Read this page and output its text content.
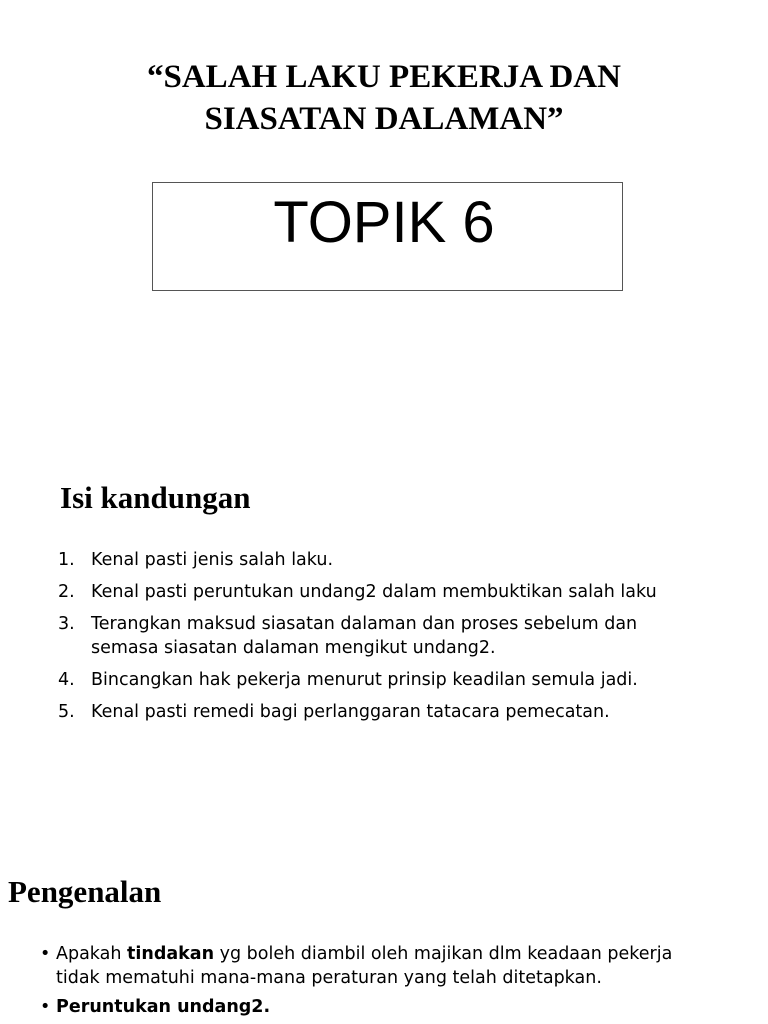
“SALAH LAKU PEKERJA DAN
SIASATAN DALAMAN”
TOPIK 6
Isi kandungan
1. Kenal pasti jenis salah laku.
2. Kenal pasti peruntukan undang2 dalam membuktikan salah laku
3. Terangkan maksud siasatan dalaman dan proses sebelum dan
semasa siasatan dalaman mengikut undang2.
4. Bincangkan hak pekerja menurut prinsip keadilan semula jadi.
5. Kenal pasti remedi bagi perlanggaran tatacara pemecatan.
Pengenalan
• Apakah tindakan yg boleh diambil oleh majikan dlm keadaan pekerja
tidak mematuhi mana-mana peraturan yang telah ditetapkan.
• Peruntukan undang2.
